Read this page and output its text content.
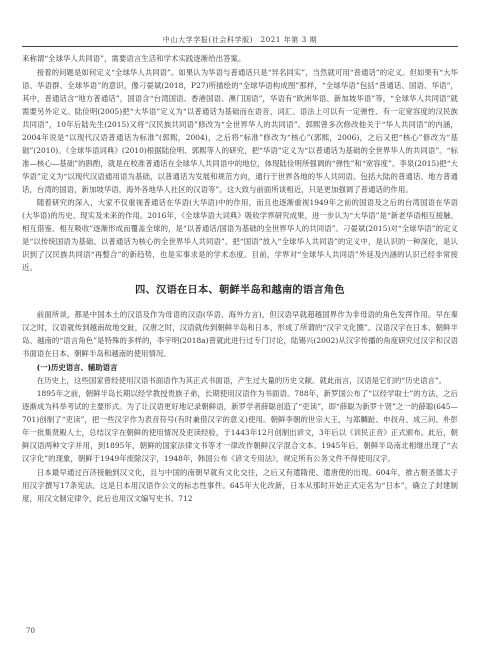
中山大学学报(社会科学版)　2021 年第 3 期

来称谓“全球华人共同语”，需要语言生活和学术实践逐渐给出答案。

接着的问题是如何定义“全球华人共同语”。如果认为华语与普通话只是“异名同实”，当然就可用“普通话”的定义。但如果有“大华语、华语群、全球华语”的意识，像刁晏斌(2018，P27)所描绘的“全球华语构成图”那样，“全球华语”包括“普通话、国语、华语”，其中，普通话含“地方普通话”，国语含“台湾国语、香港国语、澳门国语”，华语有“欧洲华语、新加坡华语”等，“全球华人共同语”就需要另外定义。陆俭明(2005)把“大华语”定义为“以普通话为基础而在语音、词汇、语法上可以有一定弹性、有一定宽容度的汉民族共同语”，10年后陆先生(2015)又将“汉民族共同语”修改为“全世界华人的共同语”。郭熙曾多次修改他关于“华人共同语”的内涵，2004年说是“以现代汉语普通话为标准”(郭熙，2004)，之后将“标准”修改为“核心”(郭熙，2006)，之后又把“核心”修改为“基础”(2010)。《全球华语词典》(2010)根据陆俭明、郭熙等人的研究，把“华语”定义为“以普通话为基础的全世界华人的共同语”。“标准—核心—基础”的斟酌，就是在校准普通话在全球华人共同语中的地位，体现陆俭明所强调的“弹性”和“宽容度”。李泉(2015)把“大华语”定义为“以现代汉语通用语为基础，以普通话为发展和规范方向，通行于世界各地的华人共同语。包括大陆的普通话、地方普通话，台湾的国语，新加坡华语，海外各地华人社区的汉语等”。这大致与前面所谈相近，只是更加强调了普通话的作用。

随着研究的深入，大家不仅重视普通话在华语(大华语)中的作用，而且也逐渐重视1949年之前的国语及之后的台湾国语在华语(大华语)的历史、现实及未来的作用。2016年，《全球华语大词典》吸收学界研究成果，进一步认为“大华语”是“新老华语相互接触、相互借鉴、相互吸收”逐渐形成而覆盖全球的，是“以普通话/国语为基础的全世界华人的共同语”。刁晏斌(2015)对“全球华语”的定义是“以传统国语为基础、以普通话为核心的全世界华人共同语”。把“国语”放入“全球华人共同语”的定义中，是认识的一种深化，是认识到了汉民族共同语“再整合”的新趋势，也是实事求是的学术态度。目前，学界对“全球华人共同语”外延及内涵的认识已经非常接近。

四、汉语在日本、朝鲜半岛和越南的语言角色

前面所谈，都是中国本土的汉语及作为母语的汉语(华语、海外方言)，但汉语早就超越国界作为非母语的角色发挥作用。早在秦汉之时，汉语就传到越南故地交趾，汉唐之时，汉语就传到朝鲜半岛和日本，形成了所谓的“汉字文化圈”。汉语汉字在日本、朝鲜半岛、越南的“语言角色”是特殊的多样的，李宇明(2018a)曾就此进行过专门讨论，陆锡兴(2002)从汉字传播的角度研究过汉字和汉语书面语在日本、朝鲜半岛和越南的使用情况。

(一)历史语言、辅助语言

在历史上，这些国家曾经使用汉语书面语作为其正式书面语，产生过大量的历史文献。就此而言，汉语是它们的“历史语言”。

1895年之前，朝鲜半岛长期以经学教授贵族子弟，长期使用汉语作为书面语。788年，新罗国公布了“以经学取士”的方法，之后逐渐成为科举考试的主要形式。为了让汉语更好地记录朝鲜语，新罗学者薛聪创造了“吏读”，即“薛聪为新罗十贤”之一的薛聪(645—701)创制了“吏读”，把一些汉字作为表音符号(有时兼借汉字的意义)使用。朝鲜李朝的世宗大王，与郑麟趾、申叔舟、成三问、朴彭年一批集贤殿人士，总结汉字在朝鲜的使用情况及吏读经验，于1443年12月创制出谚文，3年后以《训民正音》正式颁布。此后，朝鲜汉语两种文字并用，到1895年，朝鲜的国家法律文书等才一律改作朝鲜汉字混合文本。1945年后，朝鲜半岛南北相继出现了“去汉字化”的现象，朝鲜于1949年废除汉字，1948年，韩国公布《谚文专用法》，规定所有公务文件不得使用汉字。

日本最早通过百济接触到汉文化，且与中国的南朝早就有文化交往，之后又有遣隋使、遣唐使的出现。604年，推古朝圣德太子用汉字撰写17条宪法，这是日本用汉语作公文的标志性事件。645年大化改新，日本从那时开始正式定名为“日本”，确立了封建制度，用汉文制定律令，此后也用汉文编写史书。712

70
